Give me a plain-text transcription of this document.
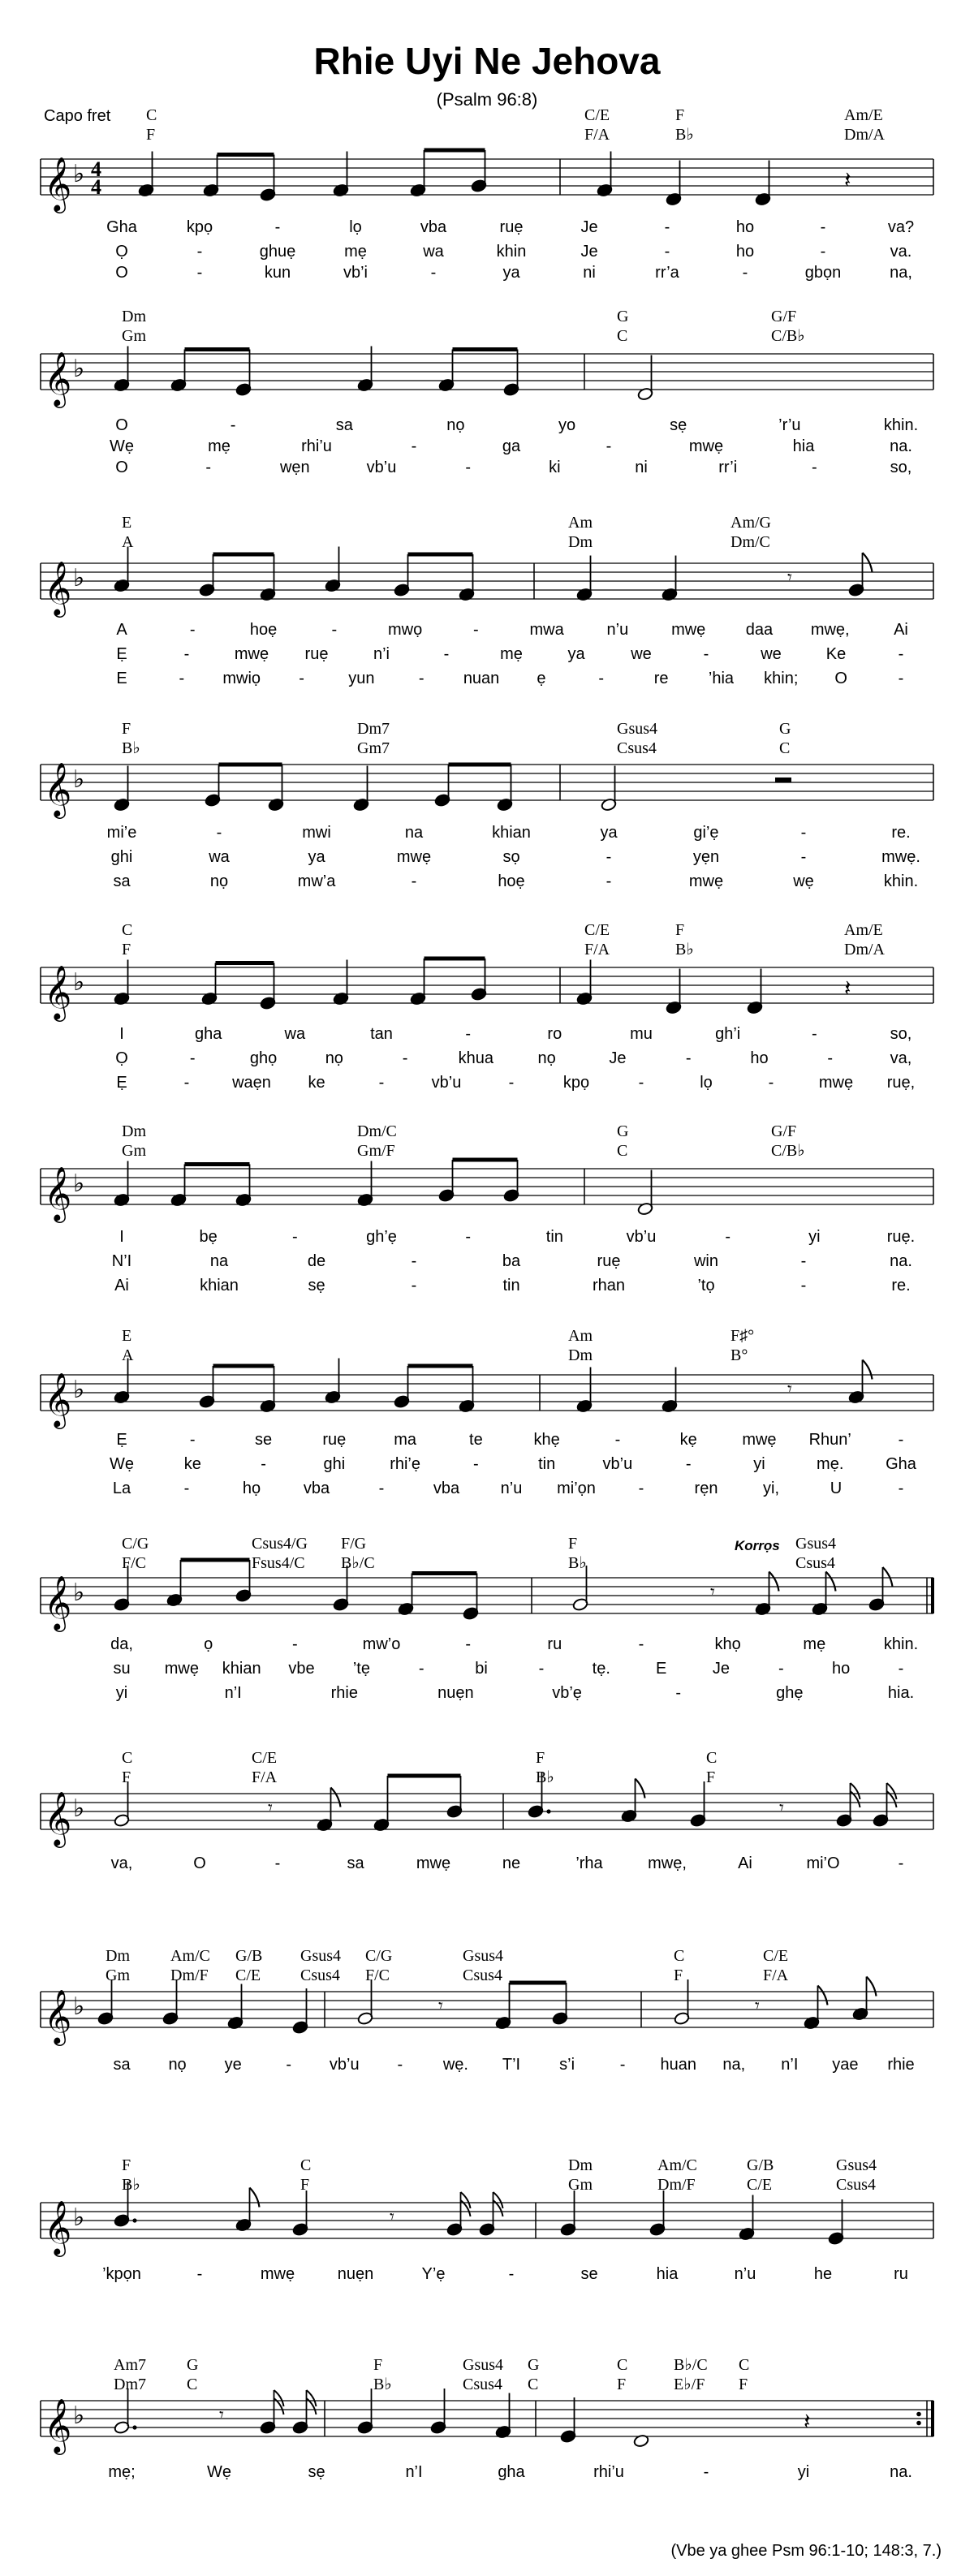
Rhie Uyi Ne Jehova
(Psalm 96:8)
Capo fret
𝄞 ♭ 4
4	𝄽
C	C/E	F	Am/E
F	F/A	B♭	Dm/A
Gha	kpọ	-	lọ	vba	ruẹ	Je	-	ho	-	va?
Ọ	-	ghuẹ	mẹ	wa	khin	Je	-	ho	-	va.
O	-	kun	vb’i	-	ya	ni	rr’a	-	gbọn	na,
𝄞 ♭
Dm	G	G/F
Gm	C	C/B♭
O	-	sa	nọ	yo	sẹ	’r’u	khin.
Wẹ	mẹ	rhi’u	-	ga	-	mwẹ	hia	na.
O	-	wẹn	vb’u	-	ki	ni	rr’i	-	so,
𝄞 ♭	𝄾
E	Am	Am/G
A	Dm	Dm/C
A	-	hoẹ	-	mwọ	-	mwa	n’u	mwẹ daa mwẹ,	Ai
Ẹ	-	mwẹ ruẹ	n’i	-	mẹ	ya	we	-	we	Ke	-
E	- mwiọ -	yun	- nuan ẹ	-	re ’hia khin; O	-
𝄞 ♭
F	Dm7	Gsus4	G
B♭	Gm7	Csus4	C
mi’e	-	mwi	na	khian	ya	gi’ẹ	-	re.
ghi	wa	ya	mwẹ	sọ	-	yẹn	-	mwẹ.
sa	nọ	mw’a	-	hoẹ	-	mwẹ	wẹ	khin.
𝄞 ♭	𝄽
C	C/E	F	Am/E
F	F/A	B♭	Dm/A
I	gha	wa	tan	-	ro	mu	gh’i	-	so,
Ọ	-	ghọ	nọ	-	khua	nọ	Je	-	ho	-	va,
Ẹ	-	waẹn ke	-	vb’u	-	kpọ	-	lọ	-	mwẹ ruẹ,
𝄞 ♭
Dm	Dm/C	G	G/F
Gm	Gm/F	C	C/B♭
I	bẹ	-	gh’ẹ	-	tin	vb’u	-	yi	ruẹ.
N’I	na	de	-	ba	ruẹ	win	-	na.
Ai	khian	sẹ	-	tin	rhan	’tọ	-	re.
𝄞 ♭	𝄾
E	Am	F♯°
A	Dm	B°
Ẹ	-	se	ruẹ	ma	te	khẹ	-	kẹ	mwẹ Rhun’	-
Wẹ	ke	-	ghi	rhi’ẹ	-	tin	vb’u	-	yi	mẹ.	Gha
La	-	họ	vba	-	vba	n’u mi’ọn	-	rẹn	yi,	U	-
𝄞 ♭	𝄾
C/G	Csus4/G F/G	F	Gsus4
F/C	Fsus4/C B♭/C	B♭	Csus4
Korrọs
da,	ọ	-	mw’o	-	ru	-	khọ	mẹ	khin.
su mwẹ khian vbe ’tẹ	-	bi	-	tẹ.	E	Je	-	ho	-
yi	n’I	rhie	nuẹn	vb’ẹ	-	ghẹ	hia.
𝄞 ♭	𝄾	𝄾
C	C/E	F	C
F	F/A	B♭	F
va,	O	-	sa	mwẹ	ne	’rha	mwẹ,	Ai	mi’O	-
𝄞 ♭	𝄾	𝄾
Dm	Am/C G/B Gsus4 C/G	Gsus4	C	C/E
Gm	Dm/F C/E Csus4 F/C	Csus4	F	F/A
sa nọ ye	- vb’u - wẹ. T’I s’i	- huan na, n’I yae rhie
𝄞 ♭	𝄾
F	C	Dm	Am/C	G/B	Gsus4
B♭	F	Gm	Dm/F	C/E	Csus4
’kpọn	-	mwẹ	nuẹn	Y’ẹ	-	se	hia	n’u	he	ru
𝄞 ♭	𝄾	𝄽
Am7	G	F	Gsus4 G	C	B♭/C C
Dm7	C	B♭	Csus4 C	F	E♭/F F
mẹ;	Wẹ	sẹ	n’I	gha	rhi’u	-	yi	na.
(Vbe ya ghee Psm 96:1-10; 148:3, 7.)
